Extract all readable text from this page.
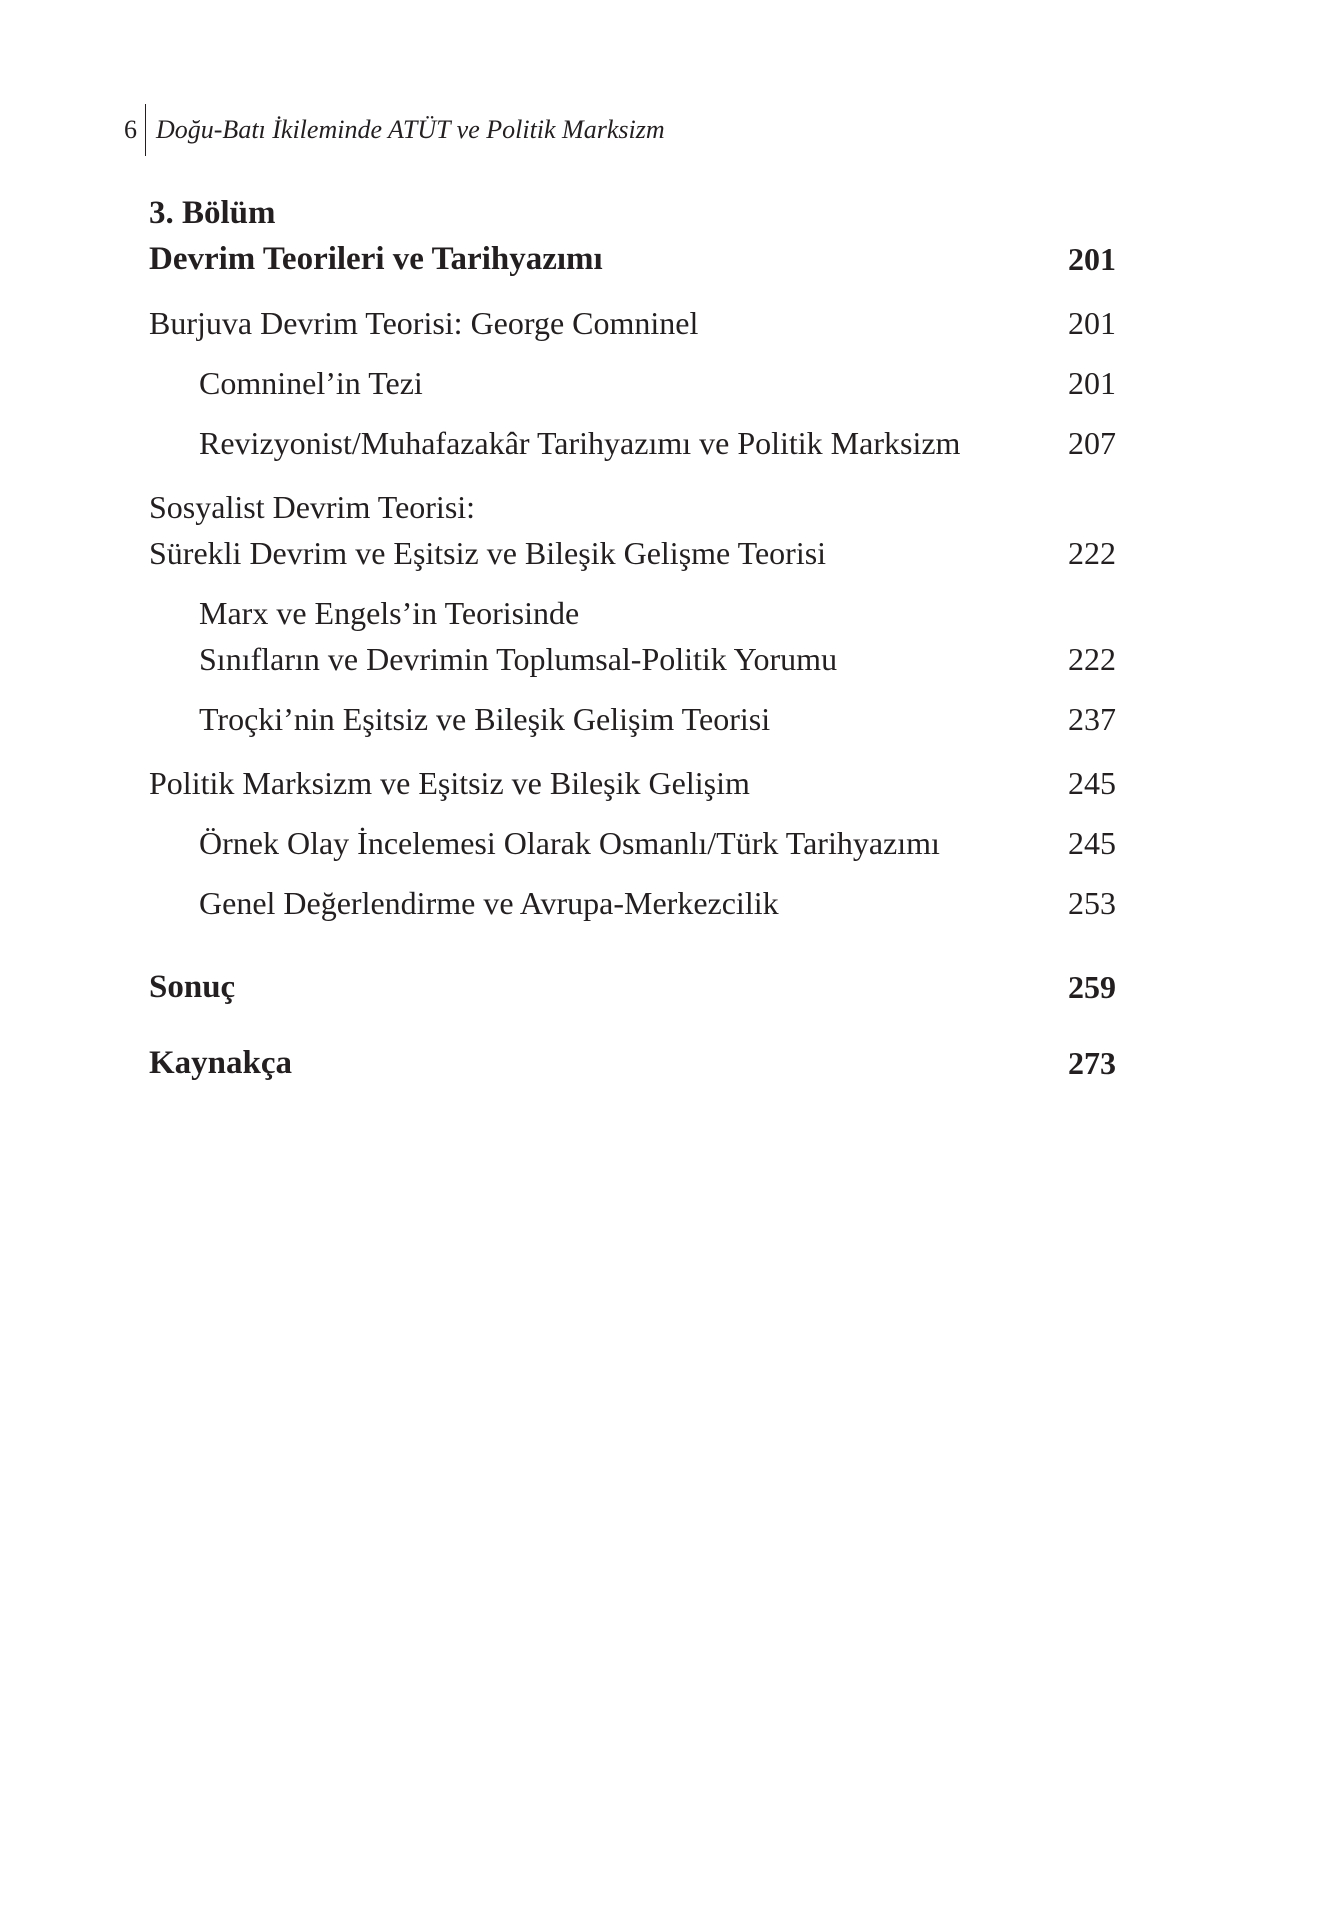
6 Doğu-Batı İkileminde ATÜT ve Politik Marksizm
3. Bölüm
Devrim Teorileri ve Tarihyazımı	201
Burjuva Devrim Teorisi: George Comninel	201
Comninel’in Tezi	201
Revizyonist/Muhafazakâr Tarihyazımı ve Politik Marksizm	207
Sosyalist Devrim Teorisi:
Sürekli Devrim ve Eşitsiz ve Bileşik Gelişme Teorisi	222
Marx ve Engels’in Teorisinde
Sınıfların ve Devrimin Toplumsal-Politik Yorumu	222
Troçki’nin Eşitsiz ve Bileşik Gelişim Teorisi	237
Politik Marksizm ve Eşitsiz ve Bileşik Gelişim	245
Örnek Olay İncelemesi Olarak Osmanlı/Türk Tarihyazımı	245
Genel Değerlendirme ve Avrupa-Merkezcilik	253
Sonuç	259
Kaynakça	273
